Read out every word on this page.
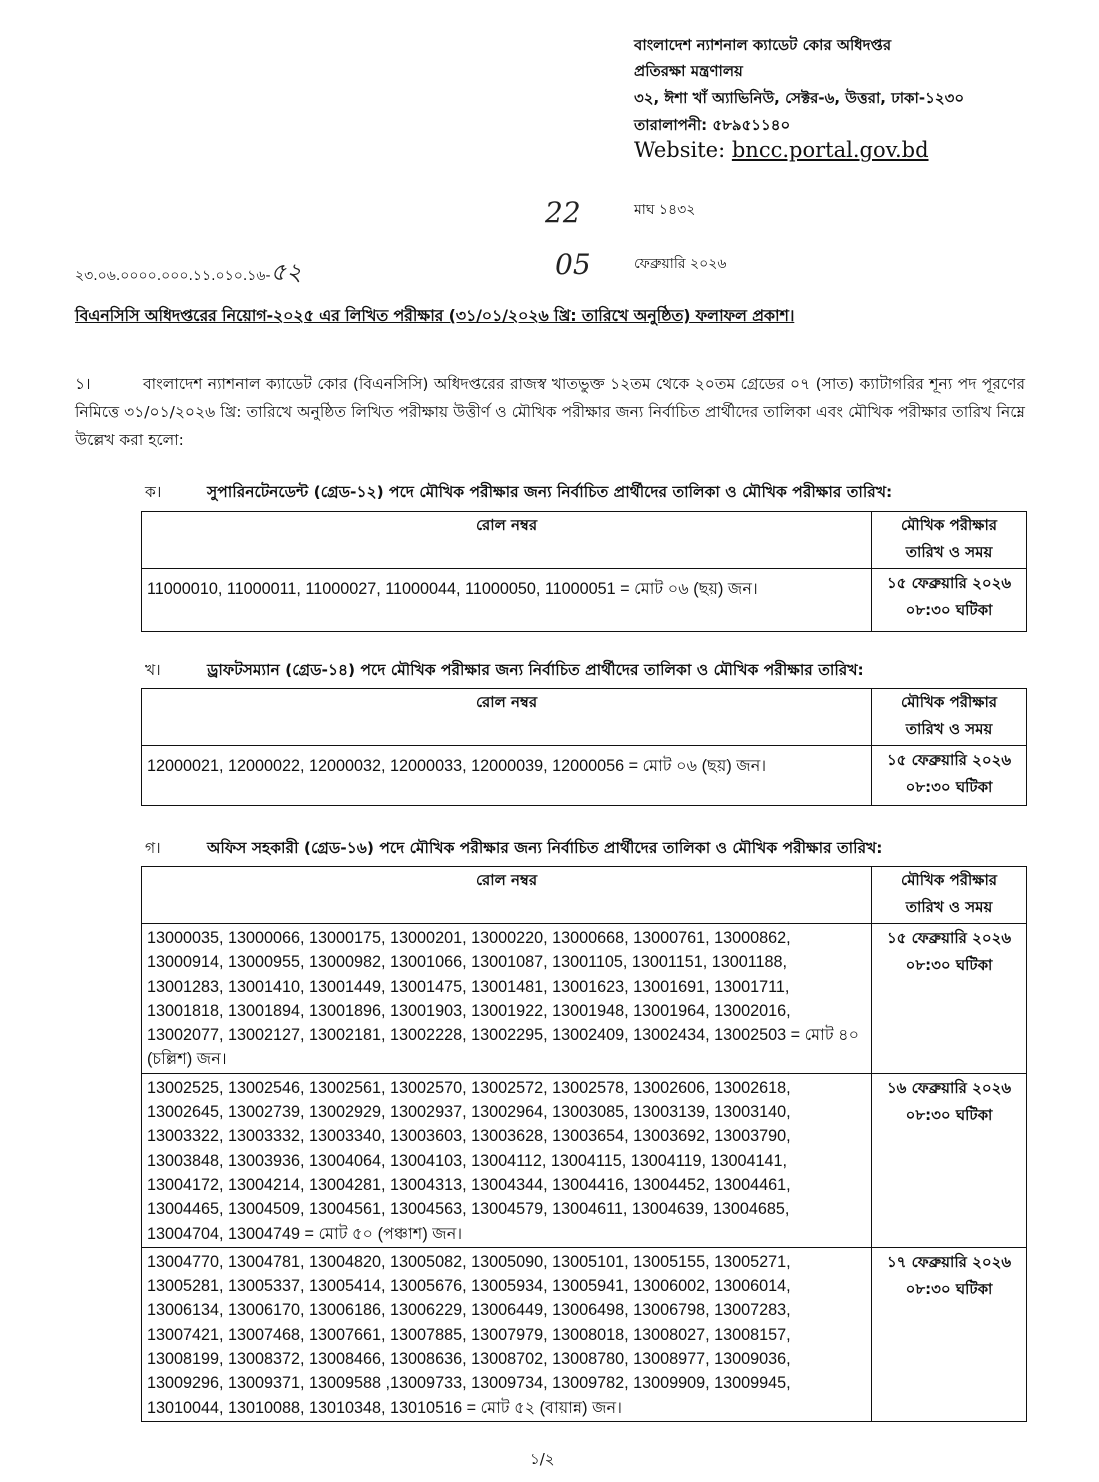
বাংলাদেশ ন্যাশনাল ক্যাডেট কোর অধিদপ্তর
প্রতিরক্ষা মন্ত্রণালয়
৩২, ঈশা খাঁ অ্যাভিনিউ, সেক্টর-৬, উত্তরা, ঢাকা-১২৩০
তারালাপনী: ৫৮৯৫১১৪০
Website: bncc.portal.gov.bd
22	মাঘ ১৪৩২
২৩.০৬.০০০০.০০০.১১.০১০.১৬-৫২	05	ফেব্রুয়ারি ২০২৬
বিএনসিসি অধিদপ্তরের নিয়োগ-২০২৫ এর লিখিত পরীক্ষার (৩১/০১/২০২৬ খ্রি: তারিখে অনুষ্ঠিত) ফলাফল প্রকাশ।
১।	বাংলাদেশ ন্যাশনাল ক্যাডেট কোর (বিএনসিসি) অধিদপ্তরের রাজস্ব খাতভুক্ত ১২তম থেকে ২০তম গ্রেডের ০৭ (সাত) ক্যাটাগরির শূন্য পদ পূরণের নিমিত্তে ৩১/০১/২০২৬ খ্রি: তারিখে অনুষ্ঠিত লিখিত পরীক্ষায় উত্তীর্ণ ও মৌখিক পরীক্ষার জন্য নির্বাচিত প্রার্থীদের তালিকা এবং মৌখিক পরীক্ষার তারিখ নিম্নে উল্লেখ করা হলো:
ক।	সুপারিনটেনডেন্ট (গ্রেড-১২) পদে মৌখিক পরীক্ষার জন্য নির্বাচিত প্রার্থীদের তালিকা ও মৌখিক পরীক্ষার তারিখ:
রোল নম্বর	মৌখিক পরীক্ষার
তারিখ ও সময়

11000010, 11000011, 11000027, 11000044, 11000050, 11000051 = মোট ০৬ (ছয়) জন।	১৫ ফেব্রুয়ারি ২০২৬
০৮:৩০ ঘটিকা
খ।	ড্রাফটসম্যান (গ্রেড-১৪) পদে মৌখিক পরীক্ষার জন্য নির্বাচিত প্রার্থীদের তালিকা ও মৌখিক পরীক্ষার তারিখ:
রোল নম্বর	মৌখিক পরীক্ষার
তারিখ ও সময়

12000021, 12000022, 12000032, 12000033, 12000039, 12000056 = মোট ০৬ (ছয়) জন।	১৫ ফেব্রুয়ারি ২০২৬
০৮:৩০ ঘটিকা
গ।	অফিস সহকারী (গ্রেড-১৬) পদে মৌখিক পরীক্ষার জন্য নির্বাচিত প্রার্থীদের তালিকা ও মৌখিক পরীক্ষার তারিখ:
রোল নম্বর	মৌখিক পরীক্ষার
তারিখ ও সময়

13000035, 13000066, 13000175, 13000201, 13000220, 13000668, 13000761, 13000862, 13000914, 13000955, 13000982, 13001066, 13001087, 13001105, 13001151, 13001188, 13001283, 13001410, 13001449, 13001475, 13001481, 13001623, 13001691, 13001711, 13001818, 13001894, 13001896, 13001903, 13001922, 13001948, 13001964, 13002016, 13002077, 13002127, 13002181, 13002228, 13002295, 13002409, 13002434, 13002503 = মোট ৪০ (চল্লিশ) জন।	১৫ ফেব্রুয়ারি ২০২৬
০৮:৩০ ঘটিকা

13002525, 13002546, 13002561, 13002570, 13002572, 13002578, 13002606, 13002618, 13002645, 13002739, 13002929, 13002937, 13002964, 13003085, 13003139, 13003140, 13003322, 13003332, 13003340, 13003603, 13003628, 13003654, 13003692, 13003790, 13003848, 13003936, 13004064, 13004103, 13004112, 13004115, 13004119, 13004141, 13004172, 13004214, 13004281, 13004313, 13004344, 13004416, 13004452, 13004461, 13004465, 13004509, 13004561, 13004563, 13004579, 13004611, 13004639, 13004685, 13004704, 13004749 = মোট ৫০ (পঞ্চাশ) জন।	১৬ ফেব্রুয়ারি ২০২৬
০৮:৩০ ঘটিকা

13004770, 13004781, 13004820, 13005082, 13005090, 13005101, 13005155, 13005271, 13005281, 13005337, 13005414, 13005676, 13005934, 13005941, 13006002, 13006014, 13006134, 13006170, 13006186, 13006229, 13006449, 13006498, 13006798, 13007283, 13007421, 13007468, 13007661, 13007885, 13007979, 13008018, 13008027, 13008157, 13008199, 13008372, 13008466, 13008636, 13008702, 13008780, 13008977, 13009036, 13009296, 13009371, 13009588 ,13009733, 13009734, 13009782, 13009909, 13009945, 13010044, 13010088, 13010348, 13010516 = মোট ৫২ (বায়ান্ন) জন।	১৭ ফেব্রুয়ারি ২০২৬
০৮:৩০ ঘটিকা
১/২
